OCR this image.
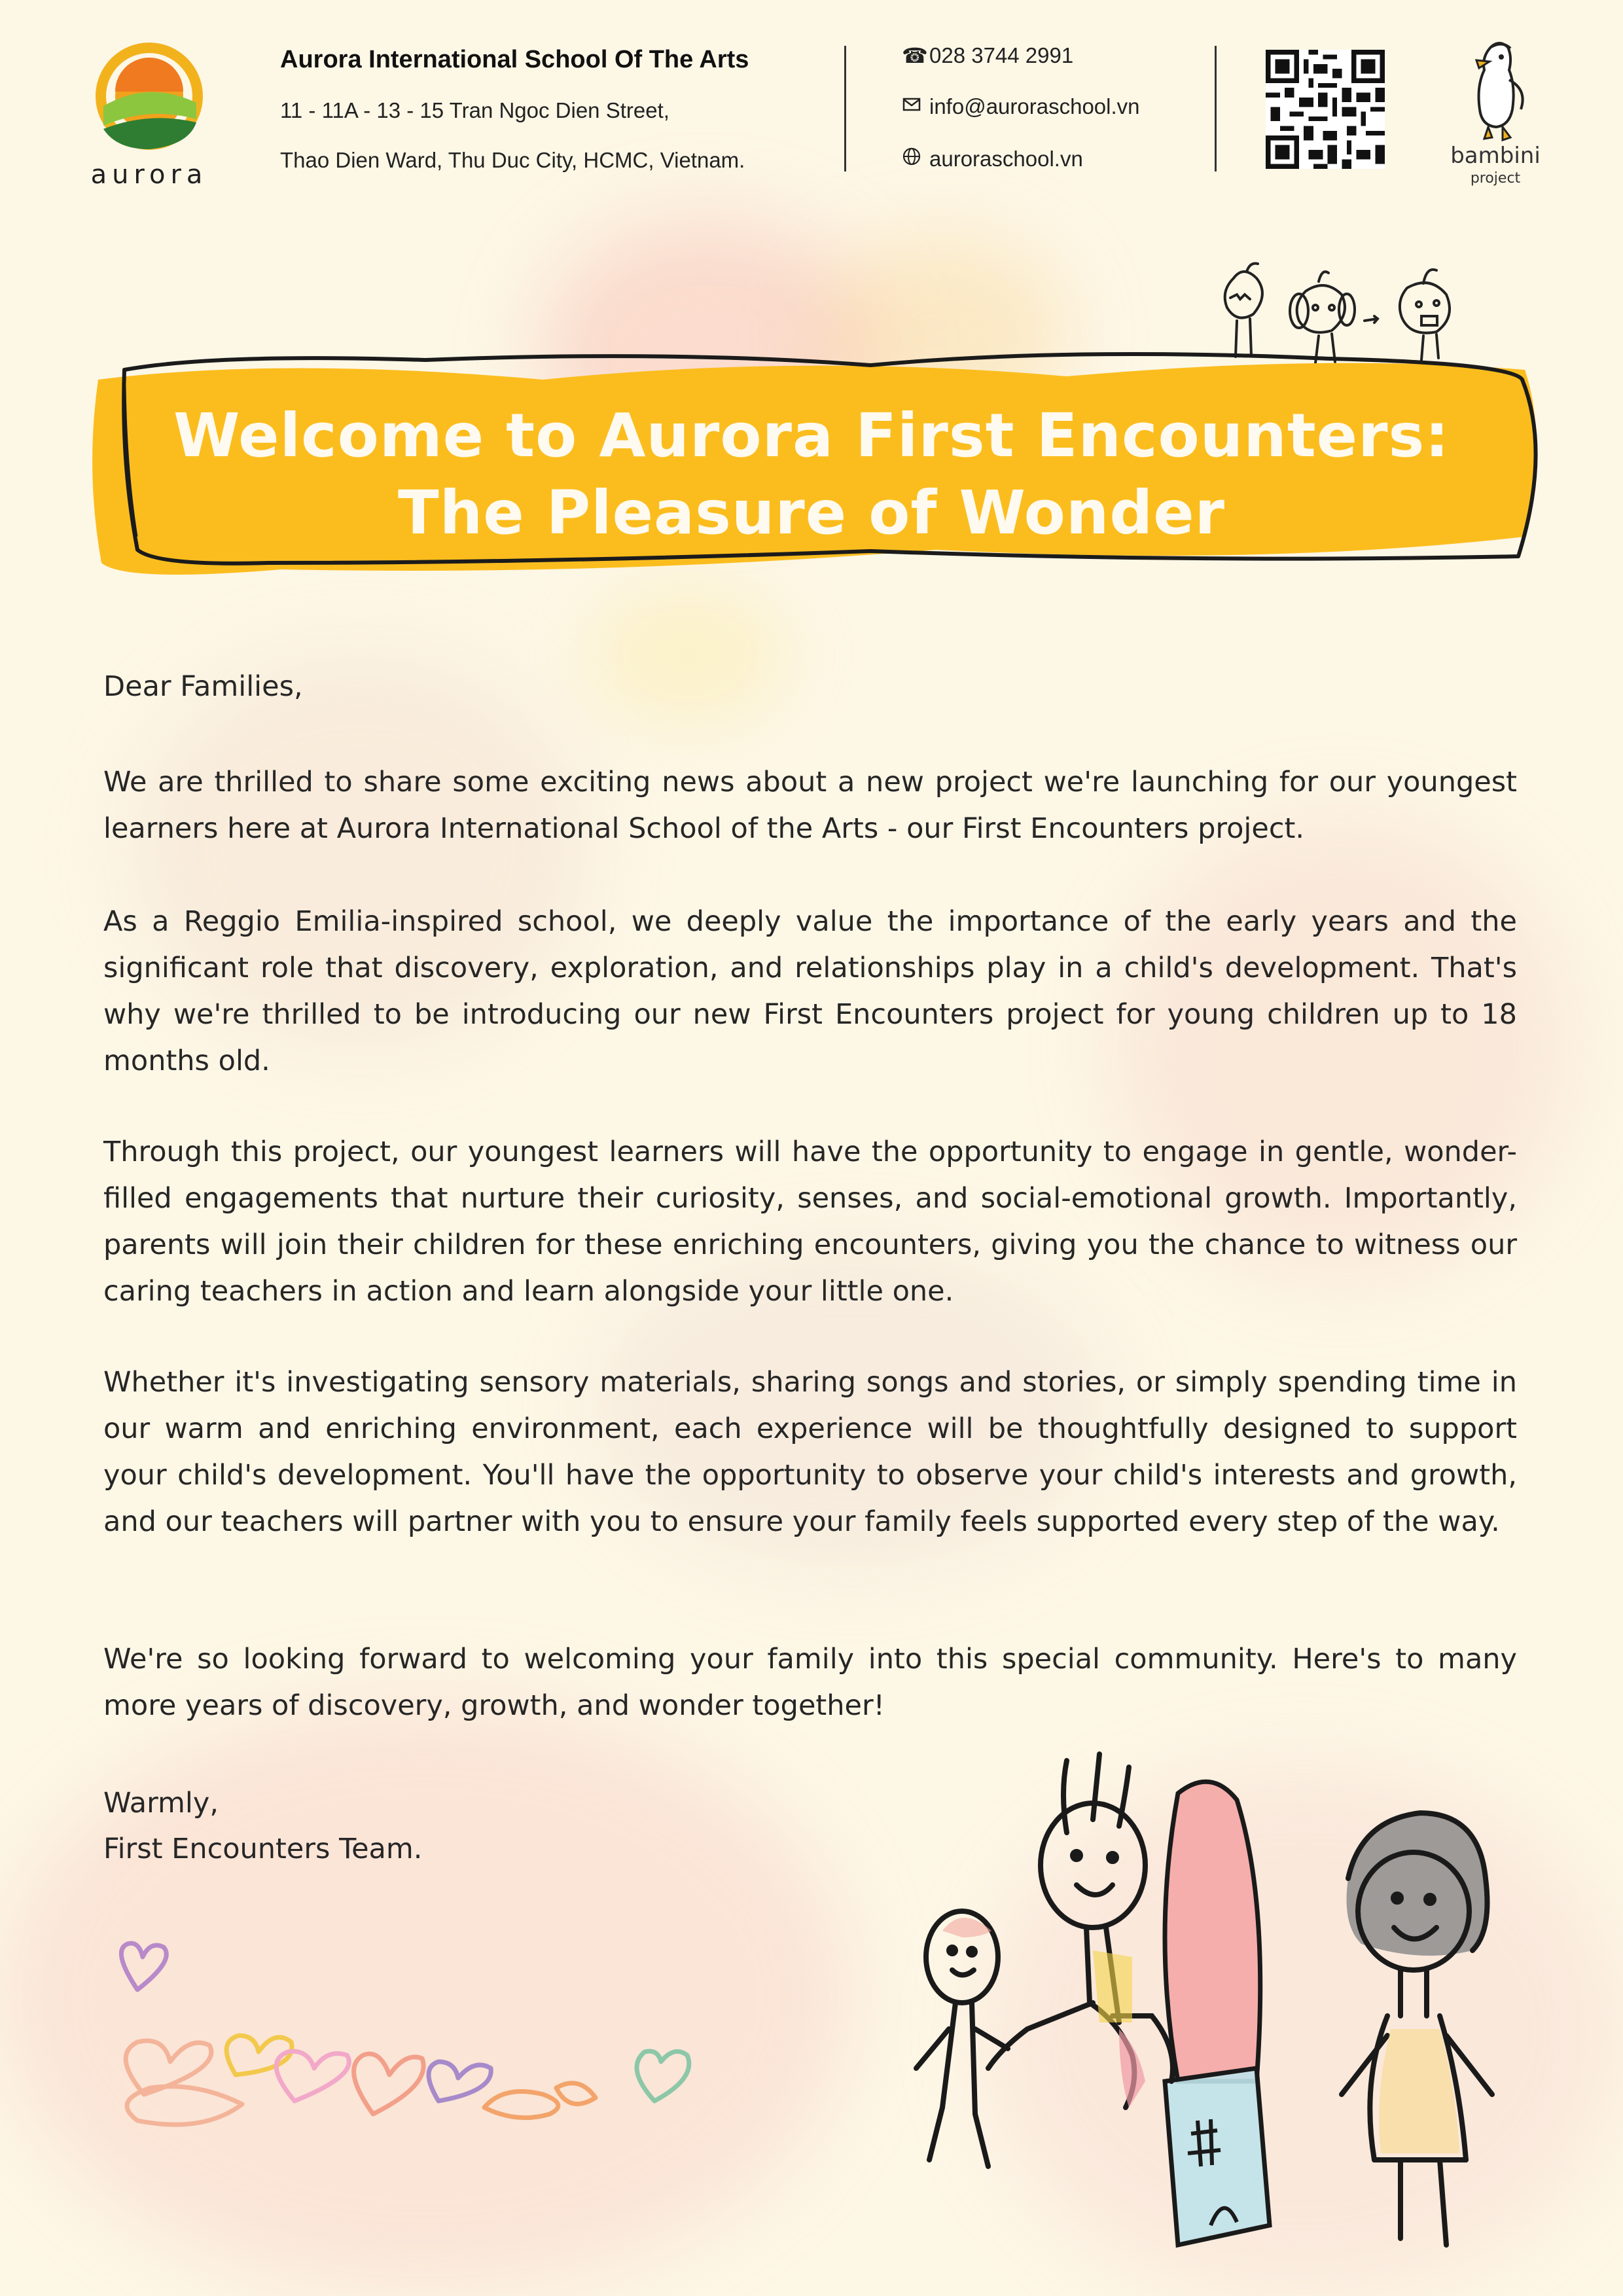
aurora
Aurora International School Of The Arts
11 - 11A - 13 - 15 Tran Ngoc Dien Street,
Thao Dien Ward, Thu Duc City, HCMC, Vietnam.
☎ 028 3744 2991
info@auroraschool.vn
auroraschool.vn	bambini
project
Welcome to Aurora First Encounters:
The Pleasure of Wonder
Dear Families,

We are thrilled to share some exciting news about a new project we're launching for our youngest learners here at Aurora International School of the Arts - our First Encounters project.

As a Reggio Emilia-inspired school, we deeply value the importance of the early years and the significant role that discovery, exploration, and relationships play in a child's development. That's why we're thrilled to be introducing our new First Encounters project for young children up to 18 months old.

Through this project, our youngest learners will have the opportunity to engage in gentle, wonder-filled engagements that nurture their curiosity, senses, and social-emotional growth. Importantly, parents will join their children for these enriching encounters, giving you the chance to witness our caring teachers in action and learn alongside your little one.

Whether it's investigating sensory materials, sharing songs and stories, or simply spending time in our warm and enriching environment, each experience will be thoughtfully designed to support your child's development. You'll have the opportunity to observe your child's interests and growth, and our teachers will partner with you to ensure your family feels supported every step of the way.

We're so looking forward to welcoming your family into this special community. Here's to many more years of discovery, growth, and wonder together!

Warmly,
First Encounters Team.
